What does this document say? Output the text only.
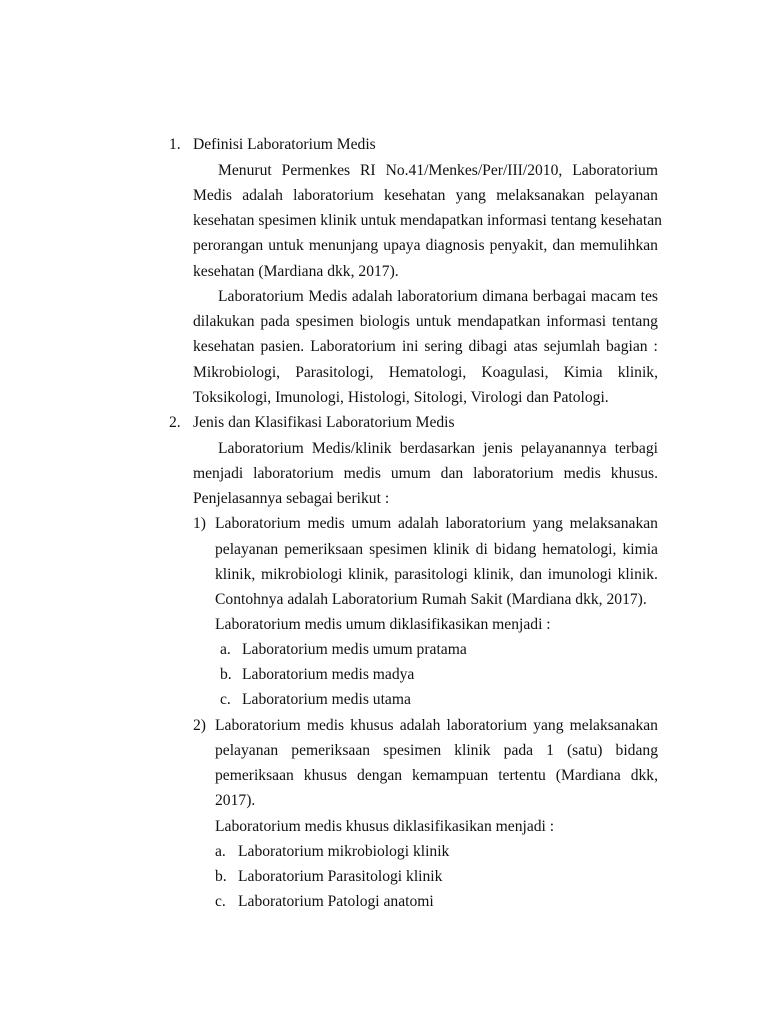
1. Definisi Laboratorium Medis
Menurut Permenkes RI No.41/Menkes/Per/III/2010, Laboratorium
Medis adalah laboratorium kesehatan yang melaksanakan pelayanan
kesehatan spesimen klinik untuk mendapatkan informasi tentang kesehatan
perorangan untuk menunjang upaya diagnosis penyakit, dan memulihkan
kesehatan (Mardiana dkk, 2017).
Laboratorium Medis adalah laboratorium dimana berbagai macam tes
dilakukan pada spesimen biologis untuk mendapatkan informasi tentang
kesehatan pasien. Laboratorium ini sering dibagi atas sejumlah bagian :
Mikrobiologi, Parasitologi, Hematologi, Koagulasi, Kimia klinik,
Toksikologi, Imunologi, Histologi, Sitologi, Virologi dan Patologi.
2. Jenis dan Klasifikasi Laboratorium Medis
Laboratorium Medis/klinik berdasarkan jenis pelayanannya terbagi
menjadi laboratorium medis umum dan laboratorium medis khusus.
Penjelasannya sebagai berikut :
1) Laboratorium medis umum adalah laboratorium yang melaksanakan
pelayanan pemeriksaan spesimen klinik di bidang hematologi, kimia
klinik, mikrobiologi klinik, parasitologi klinik, dan imunologi klinik.
Contohnya adalah Laboratorium Rumah Sakit (Mardiana dkk, 2017).
Laboratorium medis umum diklasifikasikan menjadi :
a. Laboratorium medis umum pratama
b. Laboratorium medis madya
c. Laboratorium medis utama
2) Laboratorium medis khusus adalah laboratorium yang melaksanakan
pelayanan pemeriksaan spesimen klinik pada 1 (satu) bidang
pemeriksaan khusus dengan kemampuan tertentu (Mardiana dkk,
2017).
Laboratorium medis khusus diklasifikasikan menjadi :
a. Laboratorium mikrobiologi klinik
b. Laboratorium Parasitologi klinik
c. Laboratorium Patologi anatomi
